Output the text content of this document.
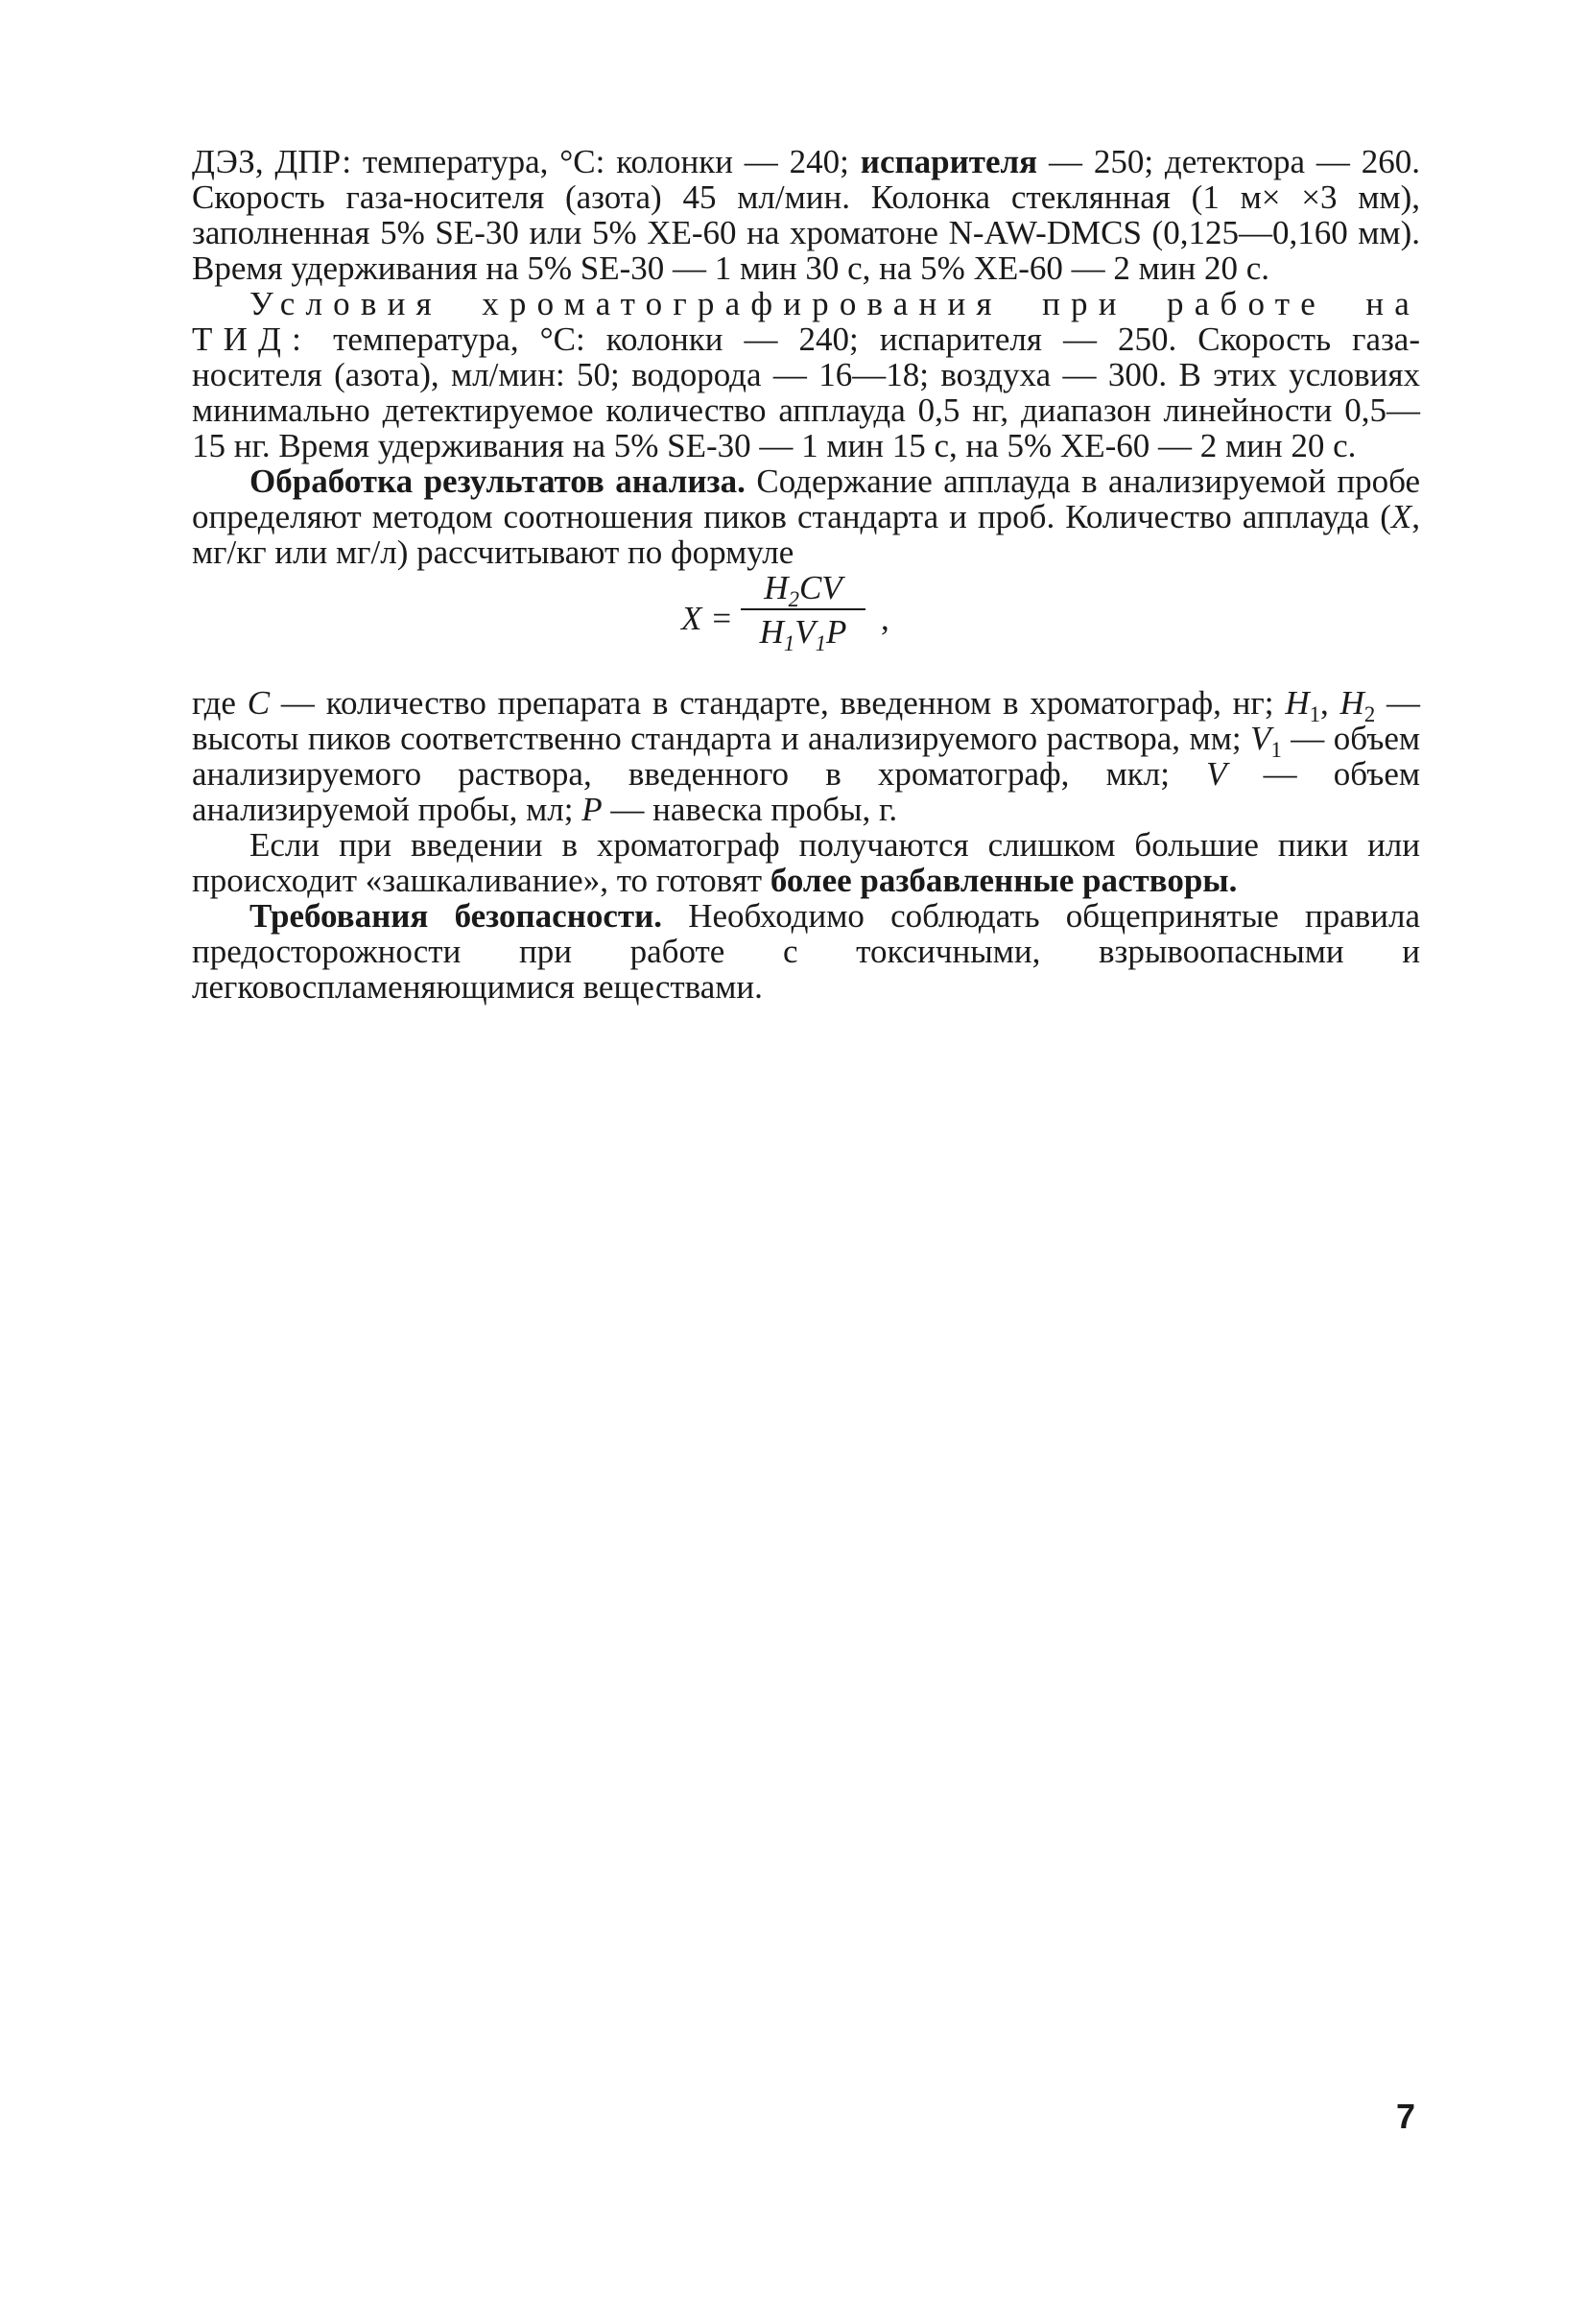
ДЭЗ, ДПР: температура, °С: колонки — 240; испарителя — 250; детектора — 260. Скорость газа-носителя (азота) 45 мл/мин. Колонка стеклянная (1 м× ×3 мм), заполненная 5% SE-30 или 5% ХЕ-60 на хроматоне N-AW-DMCS (0,125—0,160 мм). Время удерживания на 5% SE-30 — 1 мин 30 с, на 5% ХЕ-60 — 2 мин 20 с.

Условия хроматографирования при работе на ТИД: температура, °С: колонки — 240; испарителя — 250. Скорость газа-носителя (азота), мл/мин: 50; водорода — 16—18; воздуха — 300. В этих условиях минимально детектируемое количество апплауда 0,5 нг, диапазон линейности 0,5—15 нг. Время удерживания на 5% SE-30 — 1 мин 15 с, на 5% ХЕ-60 — 2 мин 20 с.

Обработка результатов анализа. Содержание апплауда в анализируемой пробе определяют методом соотношения пиков стандарта и проб. Количество апплауда (X, мг/кг или мг/л) рассчитывают по формуле

X =
$H_2CV$
$H_1V_1P$	,

где C — количество препарата в стандарте, введенном в хроматограф, нг; $H_1$, $H_2$ — высоты пиков соответственно стандарта и анализируемого раствора, мм; $V_1$ — объем анализируемого раствора, введенного в хроматограф, мкл; V — объем анализируемой пробы, мл; P — навеска пробы, г.

Если при введении в хроматограф получаются слишком большие пики или происходит «зашкаливание», то готовят более разбавленные растворы.

Требования безопасности. Необходимо соблюдать общепринятые правила предосторожности при работе с токсичными, взрывоопасными и легковоспламеняющимися веществами.

7
